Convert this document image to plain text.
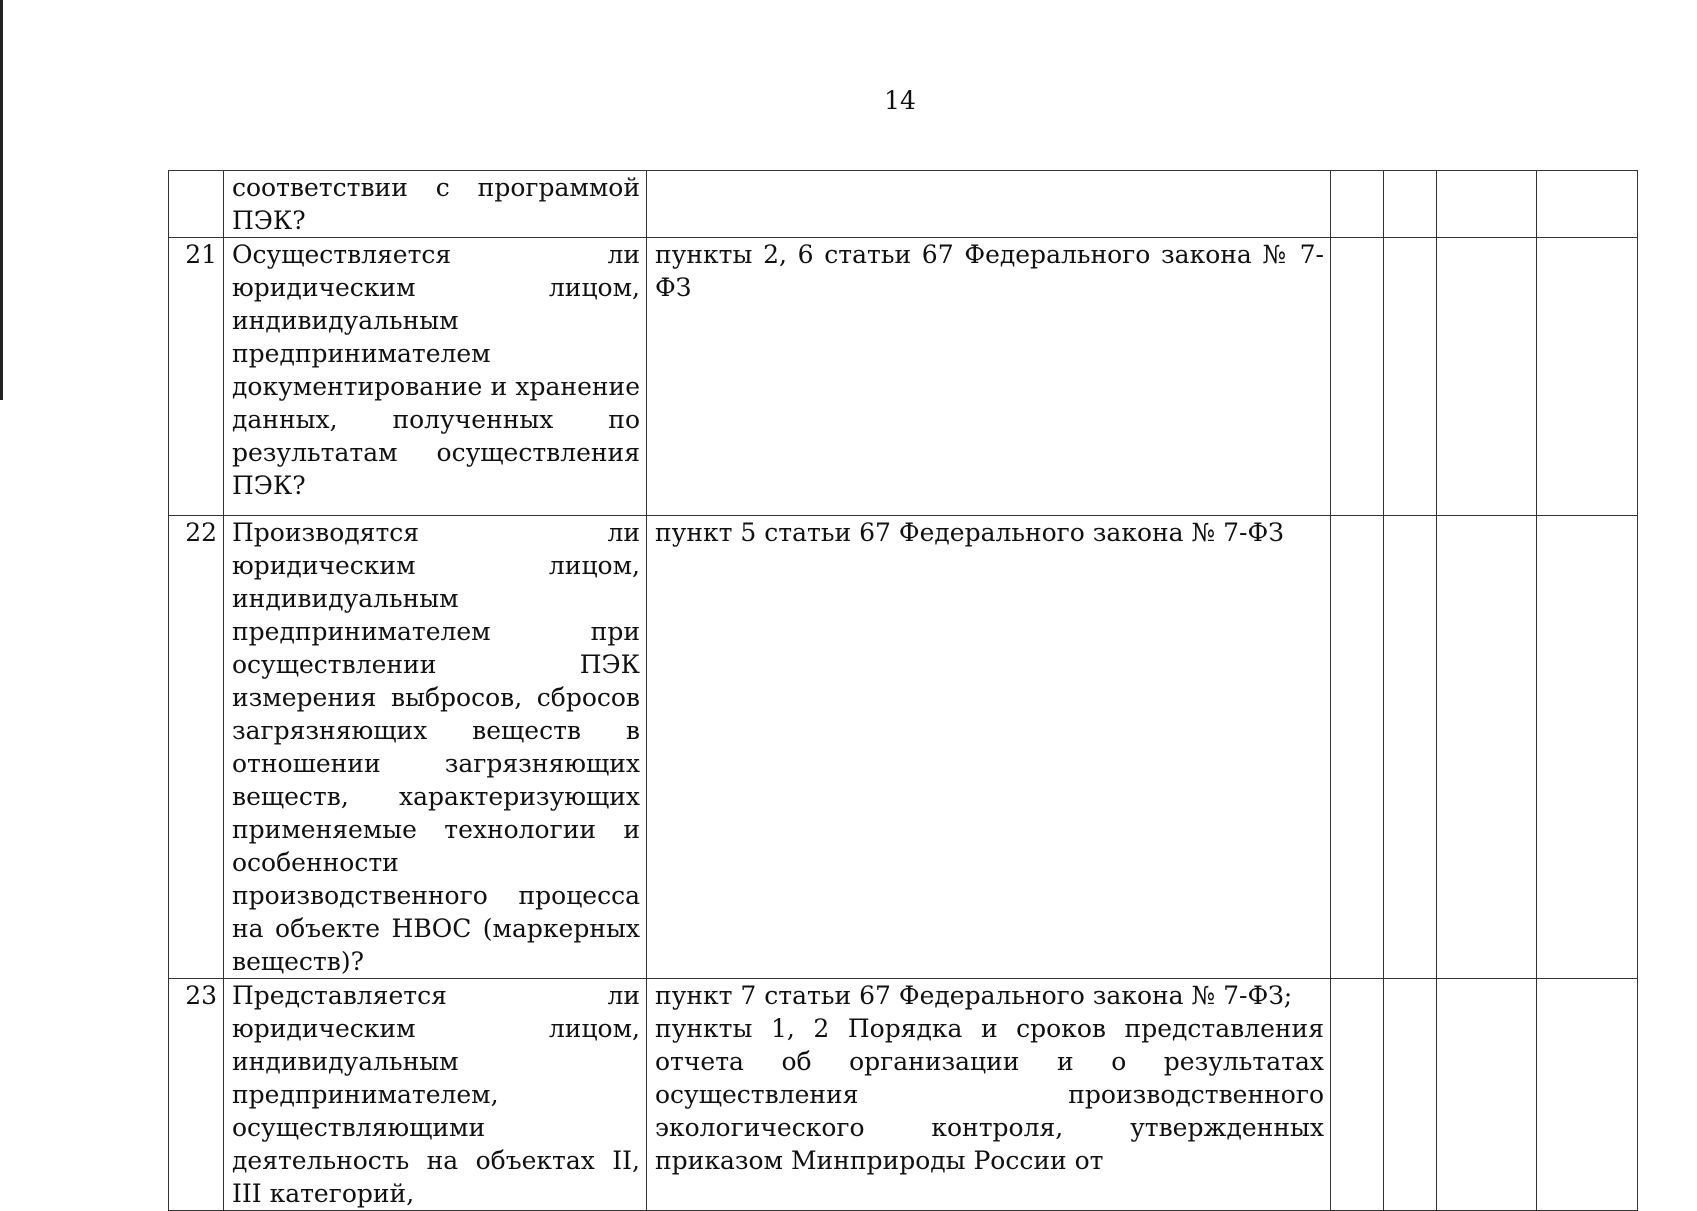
14
	соответствии с программой ПЭК?					
21	Осуществляется ли юридическим лицом, индивидуальным предпринимателем документирование и хранение данных, полученных по результатам осуществления ПЭК?	пункты 2, 6 статьи 67 Федерального закона № 7-ФЗ				

22	Производятся ли юридическим лицом, индивидуальным предпринимателем при осуществлении ПЭК измерения выбросов, сбросов загрязняющих веществ в отношении загрязняющих веществ, характеризующих применяемые технологии и особенности производственного процесса на объекте НВОС (маркерных веществ)?	пункт 5 статьи 67 Федерального закона № 7-ФЗ				

23	Представляется ли юридическим лицом, индивидуальным предпринимателем, осуществляющими деятельность на объектах II, III категорий,	пункт 7 статьи 67 Федерального закона № 7-ФЗ;
пункты 1, 2 Порядка и сроков представления отчета об организации и о результатах осуществления производственного экологического контроля, утвержденных приказом Минприроды России от				
